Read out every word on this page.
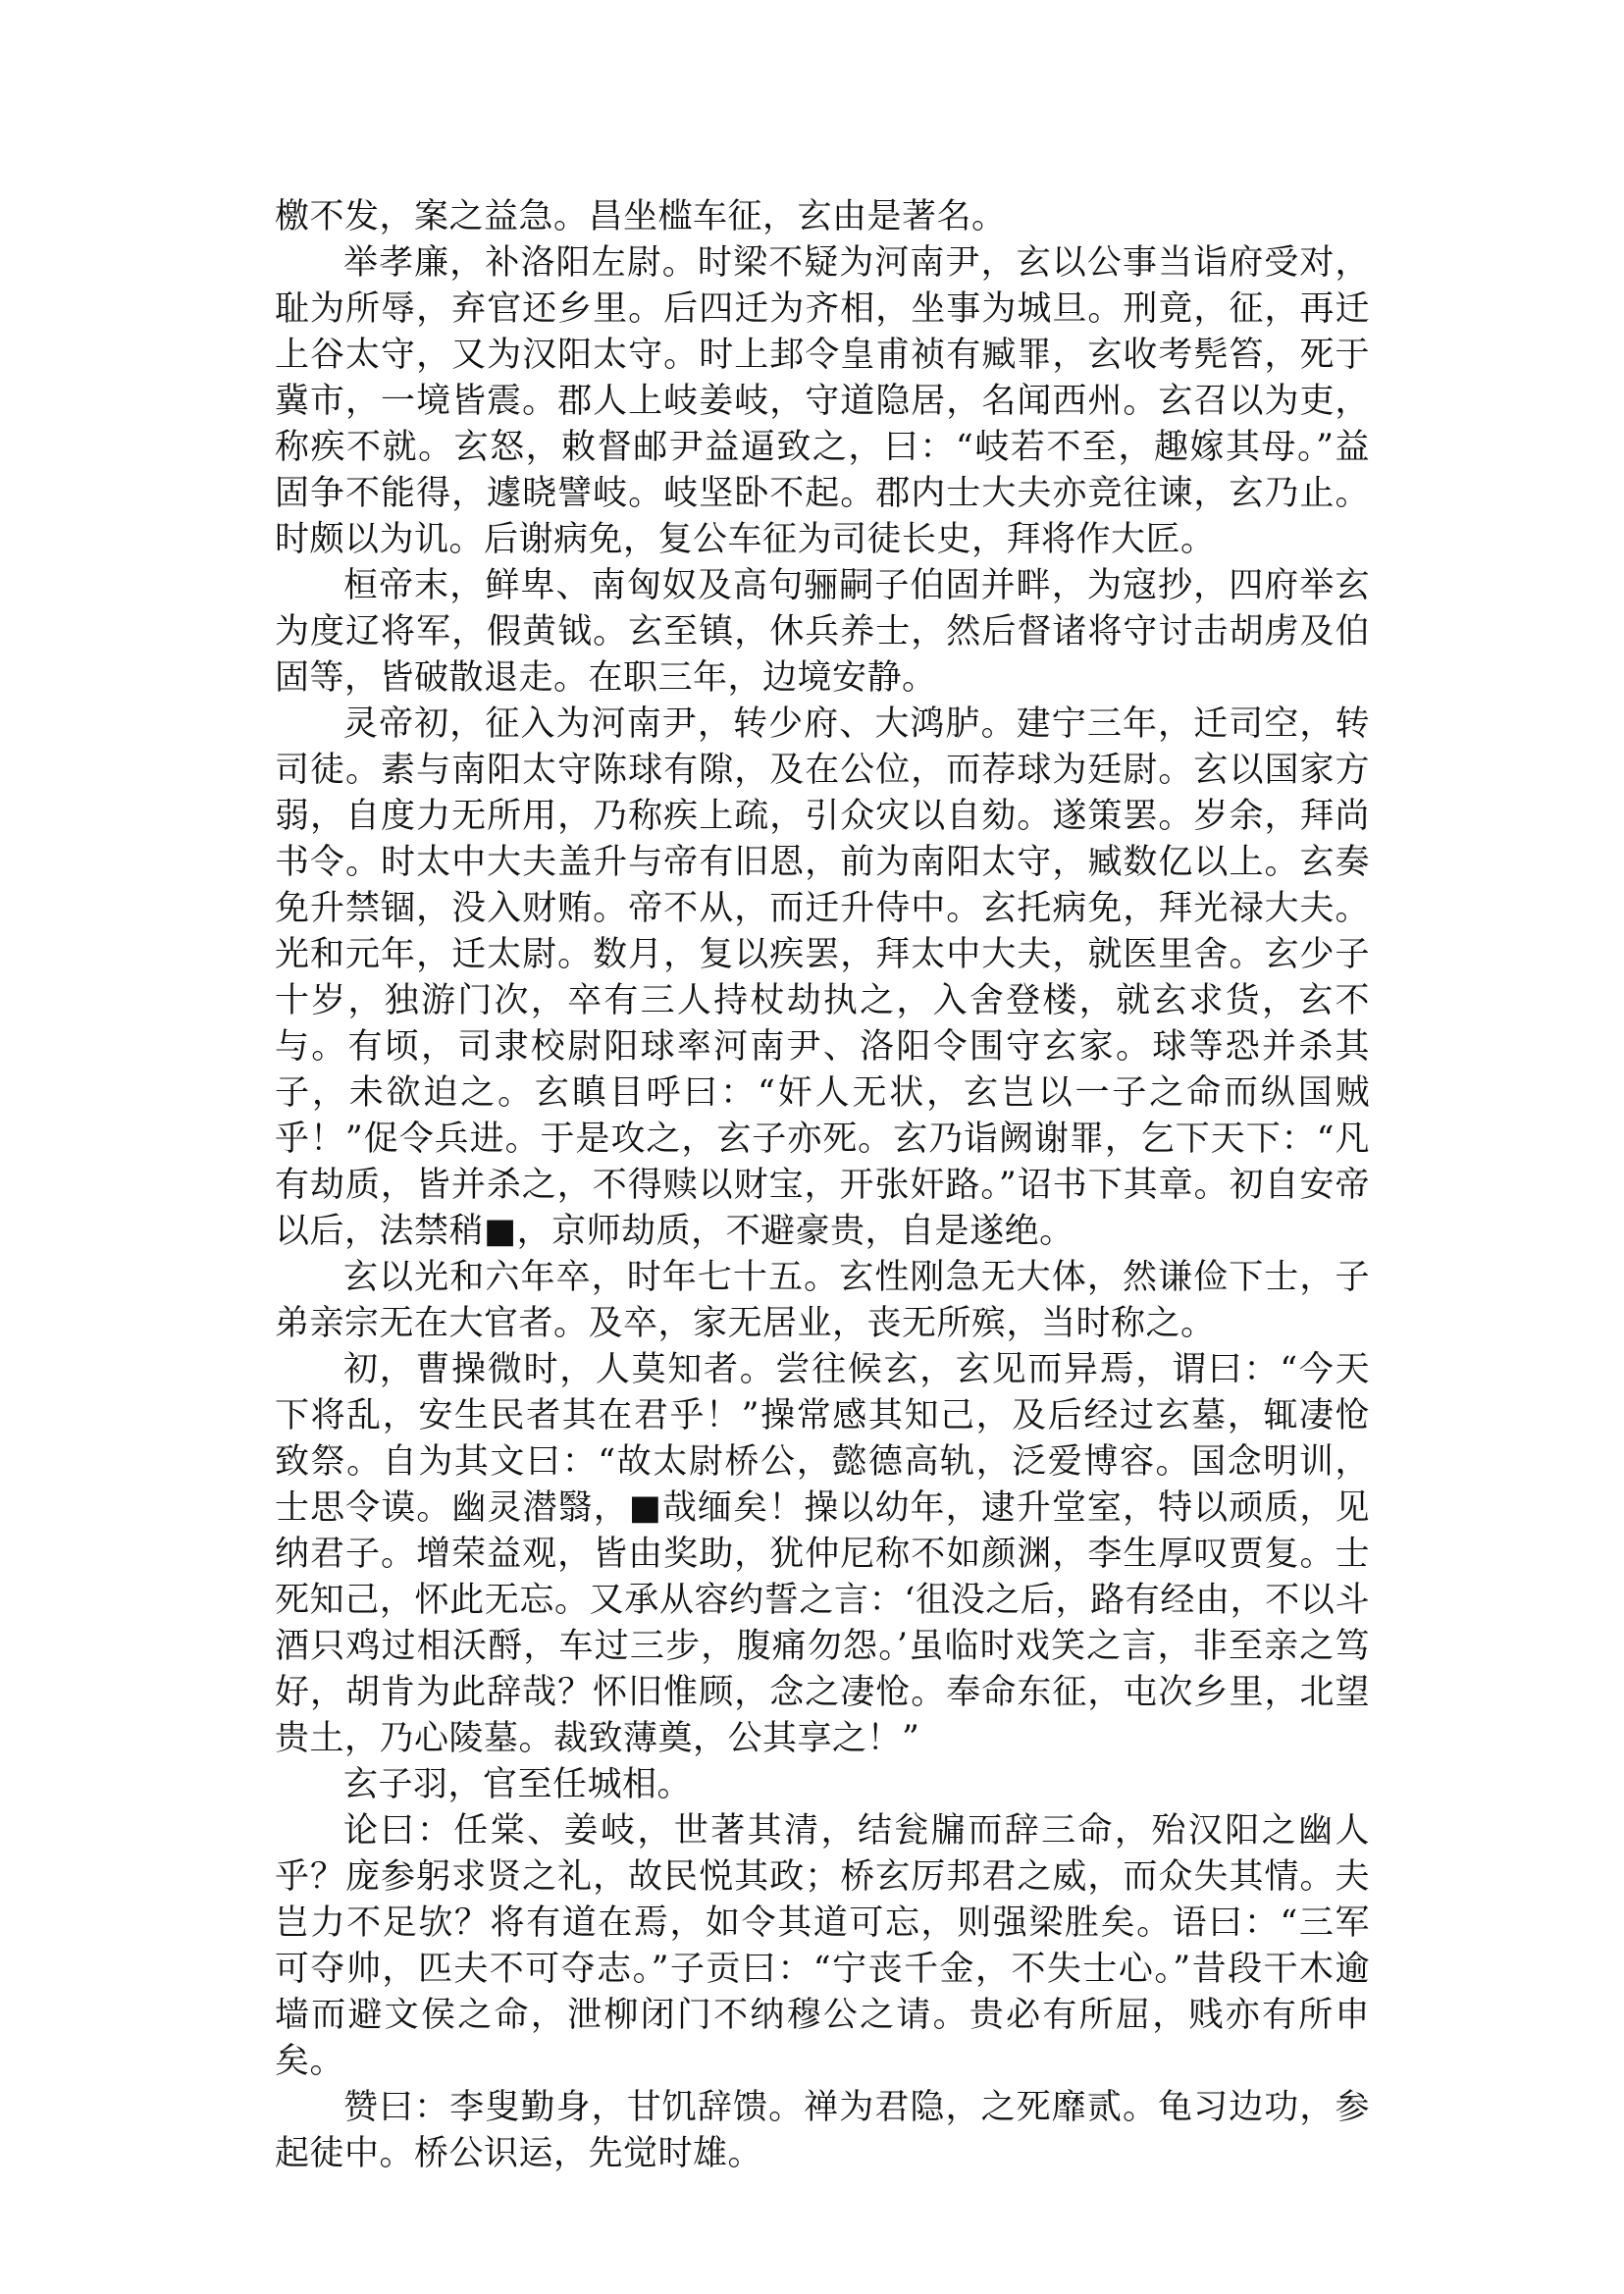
檄不发，案之益急。昌坐槛车征，玄由是著名。

举孝廉，补洛阳左尉。时梁不疑为河南尹，玄以公事当诣府受对，耻为所辱，弃官还乡里。后四迁为齐相，坐事为城旦。刑竟，征，再迁上谷太守，又为汉阳太守。时上邽令皇甫祯有臧罪，玄收考髡笞，死于冀市，一境皆震。郡人上岐姜岐，守道隐居，名闻西州。玄召以为吏，称疾不就。玄怒，敕督邮尹益逼致之，曰：“岐若不至，趣嫁其母。”益固争不能得，遽晓譬岐。岐坚卧不起。郡内士大夫亦竞往谏，玄乃止。时颇以为讥。后谢病免，复公车征为司徒长史，拜将作大匠。

桓帝末，鲜卑、南匈奴及高句骊嗣子伯固并畔，为寇抄，四府举玄为度辽将军，假黄钺。玄至镇，休兵养士，然后督诸将守讨击胡虏及伯固等，皆破散退走。在职三年，边境安静。

灵帝初，征入为河南尹，转少府、大鸿胪。建宁三年，迁司空，转司徒。素与南阳太守陈球有隙，及在公位，而荐球为廷尉。玄以国家方弱，自度力无所用，乃称疾上疏，引众灾以自劾。遂策罢。岁余，拜尚书令。时太中大夫盖升与帝有旧恩，前为南阳太守，臧数亿以上。玄奏免升禁锢，没入财贿。帝不从，而迁升侍中。玄托病免，拜光禄大夫。光和元年，迁太尉。数月，复以疾罢，拜太中大夫，就医里舍。玄少子十岁，独游门次，卒有三人持杖劫执之，入舍登楼，就玄求货，玄不与。有顷，司隶校尉阳球率河南尹、洛阳令围守玄家。球等恐并杀其子，未欲迫之。玄瞋目呼曰：“奸人无状，玄岂以一子之命而纵国贼乎！”促令兵进。于是攻之，玄子亦死。玄乃诣阙谢罪，乞下天下：“凡有劫质，皆并杀之，不得赎以财宝，开张奸路。”诏书下其章。初自安帝以后，法禁稍■，京师劫质，不避豪贵，自是遂绝。

玄以光和六年卒，时年七十五。玄性刚急无大体，然谦俭下士，子弟亲宗无在大官者。及卒，家无居业，丧无所殡，当时称之。

初，曹操微时，人莫知者。尝往候玄，玄见而异焉，谓曰：“今天下将乱，安生民者其在君乎！”操常感其知己，及后经过玄墓，辄凄怆致祭。自为其文曰：“故太尉桥公，懿德高轨，泛爱博容。国念明训，士思令谟。幽灵潜翳，■哉缅矣！操以幼年，逮升堂室，特以顽质，见纳君子。增荣益观，皆由奖助，犹仲尼称不如颜渊，李生厚叹贾复。士死知己，怀此无忘。又承从容约誓之言：‘徂没之后，路有经由，不以斗酒只鸡过相沃酹，车过三步，腹痛勿怨。’虽临时戏笑之言，非至亲之笃好，胡肯为此辞哉？怀旧惟顾，念之凄怆。奉命东征，屯次乡里，北望贵土，乃心陵墓。裁致薄奠，公其享之！”

玄子羽，官至任城相。

论曰：任棠、姜岐，世著其清，结瓮牖而辞三命，殆汉阳之幽人乎？庞参躬求贤之礼，故民悦其政；桥玄厉邦君之威，而众失其情。夫岂力不足欤？将有道在焉，如令其道可忘，则强梁胜矣。语曰：“三军可夺帅，匹夫不可夺志。”子贡曰：“宁丧千金，不失士心。”昔段干木逾墙而避文侯之命，泄柳闭门不纳穆公之请。贵必有所屈，贱亦有所申矣。

赞曰：李叟勤身，甘饥辞馈。禅为君隐，之死靡贰。龟习边功，参起徒中。桥公识运，先觉时雄。
